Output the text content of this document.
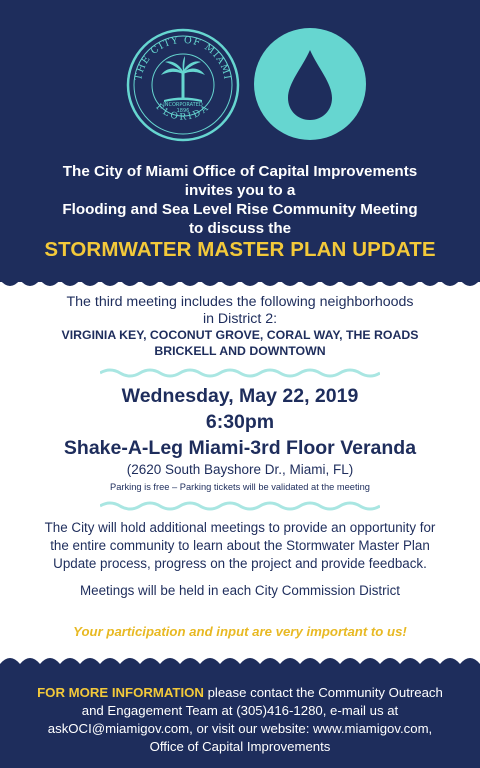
THE CITY OF MIAMI
FLORIDA
INCORPORATED
1896
The City of Miami Office of Capital Improvements
invites you to a
Flooding and Sea Level Rise Community Meeting
to discuss the
STORMWATER MASTER PLAN UPDATE
The third meeting includes the following neighborhoods
in District 2:
VIRGINIA KEY, COCONUT GROVE, CORAL WAY, THE ROADS
BRICKELL AND DOWNTOWN
Wednesday, May 22, 2019
6:30pm
Shake-A-Leg Miami-3rd Floor Veranda
(2620 South Bayshore Dr., Miami, FL)
Parking is free – Parking tickets will be validated at the meeting
The City will hold additional meetings to provide an opportunity for
the entire community to learn about the Stormwater Master Plan
Update process, progress on the project and provide feedback.
Meetings will be held in each City Commission District
Your participation and input are very important to us!
FOR MORE INFORMATION please contact the Community Outreach
and Engagement Team at (305)416-1280, e-mail us at
askOCI@miamigov.com, or visit our website: www.miamigov.com,
Office of Capital Improvements
